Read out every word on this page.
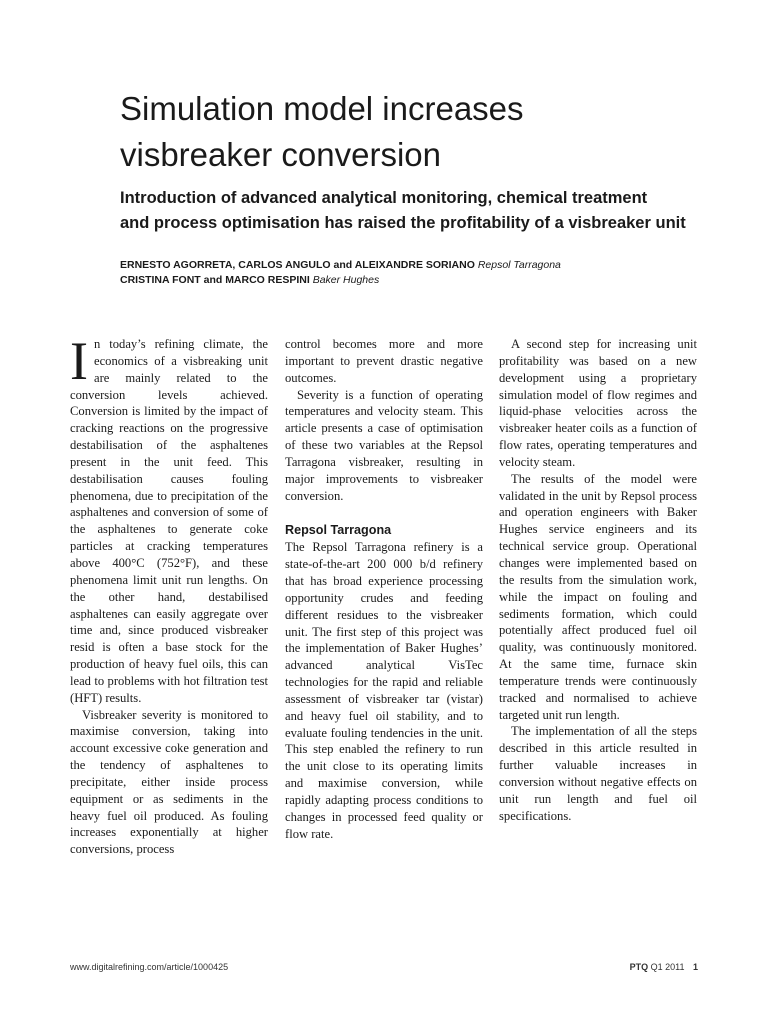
Simulation model increases
visbreaker conversion
Introduction of advanced analytical monitoring, chemical treatment
and process optimisation has raised the profitability of a visbreaker unit
ERNESTO AGORRETA, CARLOS ANGULO and ALEIXANDRE SORIANO Repsol Tarragona
CRISTINA FONT and MARCO RESPINI Baker Hughes

In today’s refining climate, the economics of a visbreaking unit are mainly related to the conversion levels achieved. Conversion is limited by the impact of cracking reactions on the progressive destabilisation of the asphaltenes present in the unit feed. This destabilisation causes fouling phenomena, due to precipitation of the asphaltenes and conversion of some of the asphaltenes to generate coke particles at cracking temperatures above 400°C (752°F), and these phenomena limit unit run lengths. On the other hand, destabilised asphaltenes can easily aggregate over time and, since produced visbreaker resid is often a base stock for the production of heavy fuel oils, this can lead to problems with hot filtration test (HFT) results.

Visbreaker severity is monitored to maximise conversion, taking into account excessive coke generation and the tendency of asphaltenes to precipitate, either inside process equipment or as sediments in the heavy fuel oil produced. As fouling increases exponentially at higher conversions, process

control becomes more and more important to prevent drastic negative outcomes.

Severity is a function of operating temperatures and velocity steam. This article presents a case of optimisation of these two variables at the Repsol Tarragona visbreaker, resulting in major improvements to visbreaker conversion.

Repsol Tarragona

The Repsol Tarragona refinery is a state-of-the-art 200 000 b/d refinery that has broad experience processing opportunity crudes and feeding different residues to the visbreaker unit. The first step of this project was the implementation of Baker Hughes’ advanced analytical VisTec technologies for the rapid and reliable assessment of visbreaker tar (vistar) and heavy fuel oil stability, and to evaluate fouling tendencies in the unit. This step enabled the refinery to run the unit close to its operating limits and maximise conversion, while rapidly adapting process conditions to changes in processed feed quality or flow rate.

A second step for increasing unit profitability was based on a new development using a proprietary simulation model of flow regimes and liquid-phase velocities across the visbreaker heater coils as a function of flow rates, operating temperatures and velocity steam.

The results of the model were validated in the unit by Repsol process and operation engineers with Baker Hughes service engineers and its technical service group. Operational changes were implemented based on the results from the simulation work, while the impact on fouling and sediments formation, which could potentially affect produced fuel oil quality, was continuously monitored. At the same time, furnace skin temperature trends were continuously tracked and normalised to achieve targeted unit run length.

The implementation of all the steps described in this article resulted in further valuable increases in conversion without negative effects on unit run length and fuel oil specifications.

www.digitalrefining.com/article/1000425	PTQ Q1 2011 1
